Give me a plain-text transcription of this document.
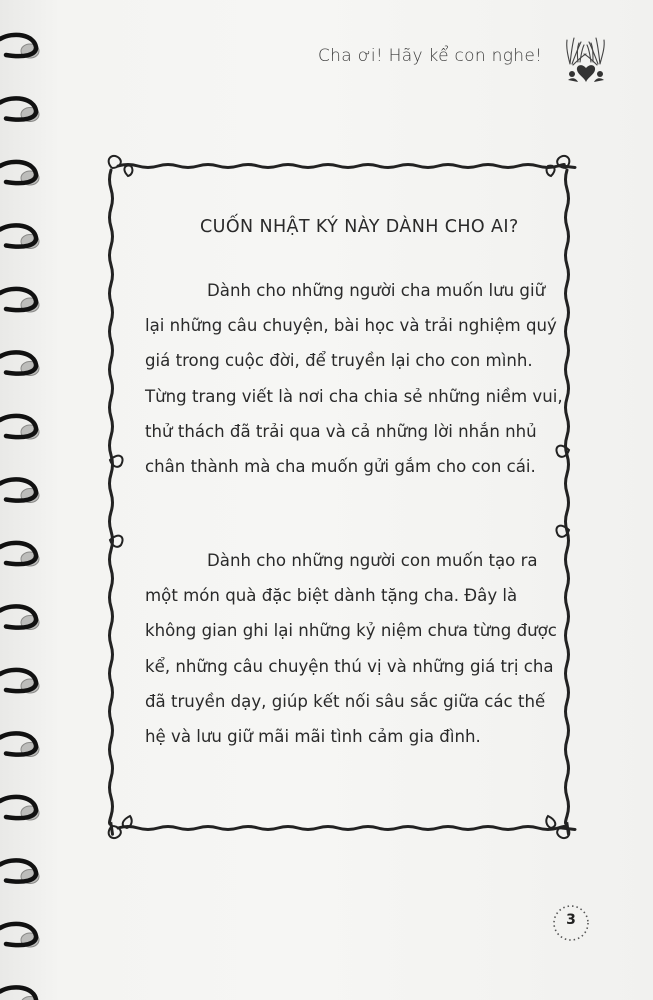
Cha ơi! Hãy kể con nghe!
CUỐN NHẬT KÝ NÀY DÀNH CHO AI?

Dành cho những người cha muốn lưu giữ lại những câu chuyện, bài học và trải nghiệm quý giá trong cuộc đời, để truyền lại cho con mình. Từng trang viết là nơi cha chia sẻ những niềm vui, thử thách đã trải qua và cả những lời nhắn nhủ chân thành mà cha muốn gửi gắm cho con cái.

Dành cho những người con muốn tạo ra một món quà đặc biệt dành tặng cha. Đây là không gian ghi lại những kỷ niệm chưa từng được kể, những câu chuyện thú vị và những giá trị cha đã truyền dạy, giúp kết nối sâu sắc giữa các thế hệ và lưu giữ mãi mãi tình cảm gia đình.

3
